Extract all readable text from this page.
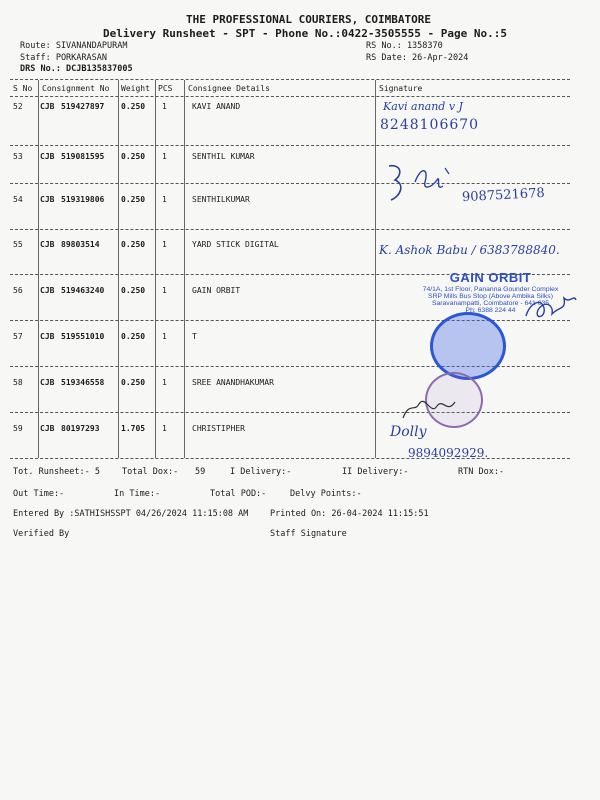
THE PROFESSIONAL COURIERS, COIMBATORE
Delivery Runsheet - SPT - Phone No.:0422-3505555 - Page No.:5
Route: SIVANANDAPURAM
Staff: PORKARASAN
DRS No.: DCJB135837005
RS No.: 1358370
RS Date: 26-Apr-2024
S No Consignment No Weight PCS Consignee Details	Signature
52 CJB 519427897 0.250 1	KAVI ANAND
53 CJB 519081595 0.250 1	SENTHIL KUMAR
54 CJB 519319806 0.250 1	SENTHILKUMAR
55 CJB 89803514	0.250 1	YARD STICK DIGITAL
56 CJB 519463240 0.250 1	GAIN ORBIT
57 CJB 519551010 0.250 1	T
58 CJB 519346558 0.250 1	SREE ANANDHAKUMAR
59 CJB 80197293	1.705 1	CHRISTIPHER
Kavi anand v J
8248106670
9087521678
K. Ashok Babu / 6383788840.
GAIN ORBIT
74/1A, 1st Floor, Pananna Gounder Complex
SRP Mills Bus Stop (Above Ambika Silks)
Saravanampatti, Coimbatore - 641 035
Ph: 6388 224 44
Dolly
9894092929.
Tot. Runsheet:- 5	Total Dox:- 59	I Delivery:-	II Delivery:-	RTN Dox:-
Out Time:-	In Time:-	Total POD:-	Delvy Points:-
Entered By :SATHISHSSPT 04/26/2024 11:15:08 AM	Printed On: 26-04-2024 11:15:51
Verified By	Staff Signature
